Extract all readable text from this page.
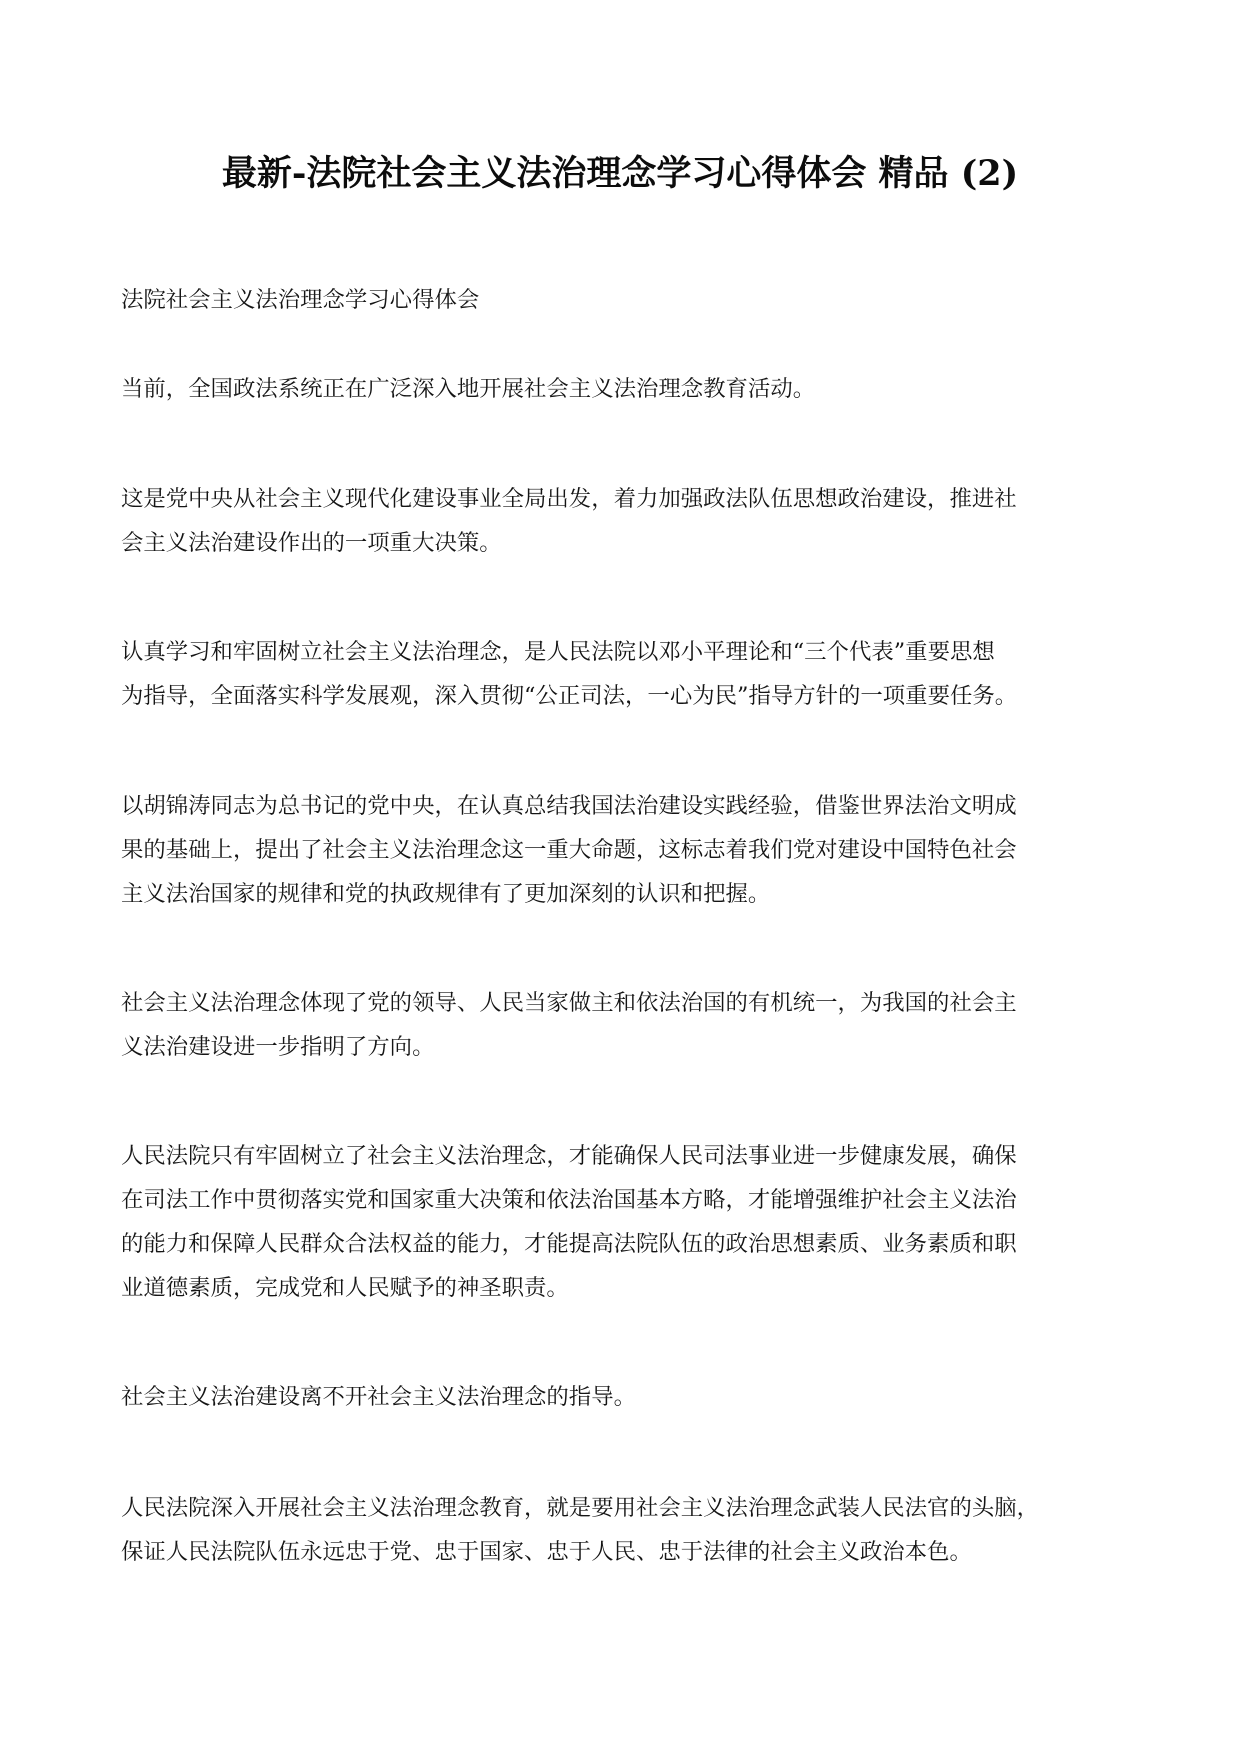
最新-法院社会主义法治理念学习心得体会 精品 (2)

法院社会主义法治理念学习心得体会

当前，全国政法系统正在广泛深入地开展社会主义法治理念教育活动。

这是党中央从社会主义现代化建设事业全局出发，着力加强政法队伍思想政治建设，推进社
会主义法治建设作出的一项重大决策。

认真学习和牢固树立社会主义法治理念，是人民法院以邓小平理论和“三个代表”重要思想
为指导，全面落实科学发展观，深入贯彻“公正司法，一心为民”指导方针的一项重要任务。

以胡锦涛同志为总书记的党中央，在认真总结我国法治建设实践经验，借鉴世界法治文明成
果的基础上，提出了社会主义法治理念这一重大命题，这标志着我们党对建设中国特色社会
主义法治国家的规律和党的执政规律有了更加深刻的认识和把握。

社会主义法治理念体现了党的领导、人民当家做主和依法治国的有机统一，为我国的社会主
义法治建设进一步指明了方向。

人民法院只有牢固树立了社会主义法治理念，才能确保人民司法事业进一步健康发展，确保
在司法工作中贯彻落实党和国家重大决策和依法治国基本方略，才能增强维护社会主义法治
的能力和保障人民群众合法权益的能力，才能提高法院队伍的政治思想素质、业务素质和职
业道德素质，完成党和人民赋予的神圣职责。

社会主义法治建设离不开社会主义法治理念的指导。

人民法院深入开展社会主义法治理念教育，就是要用社会主义法治理念武装人民法官的头脑，
保证人民法院队伍永远忠于党、忠于国家、忠于人民、忠于法律的社会主义政治本色。
